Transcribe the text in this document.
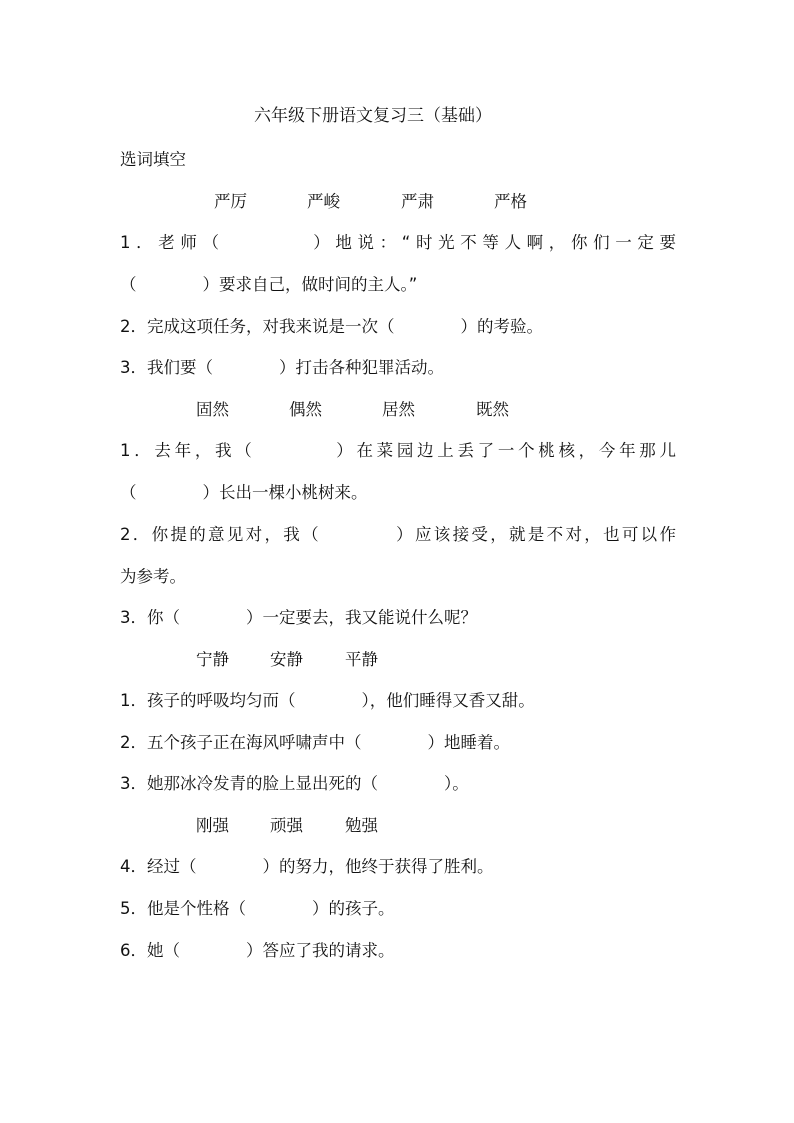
六年级下册语文复习三（基础）
选词填空
严厉	严峻	严肃	严格
1．老师（　　　　）地说：“时光不等人啊，你们一定要
（　　　　）要求自己，做时间的主人。”
2．完成这项任务，对我来说是一次（　　　　）的考验。
3．我们要（　　　　）打击各种犯罪活动。
固然	偶然	居然	既然
1．去年，我（　　　　）在菜园边上丢了一个桃核，今年那儿
（　　　　）长出一棵小桃树来。
2．你提的意见对，我（　　　　）应该接受，就是不对，也可以作
为参考。
3．你（　　　　）一定要去，我又能说什么呢？
宁静 安静	平静
1．孩子的呼吸均匀而（　　　　），他们睡得又香又甜。
2．五个孩子正在海风呼啸声中（　　　　）地睡着。
3．她那冰冷发青的脸上显出死的（　　　　）。
刚强 顽强	勉强
4．经过（　　　　）的努力，他终于获得了胜利。
5．他是个性格（　　　　）的孩子。
6．她（　　　　）答应了我的请求。
